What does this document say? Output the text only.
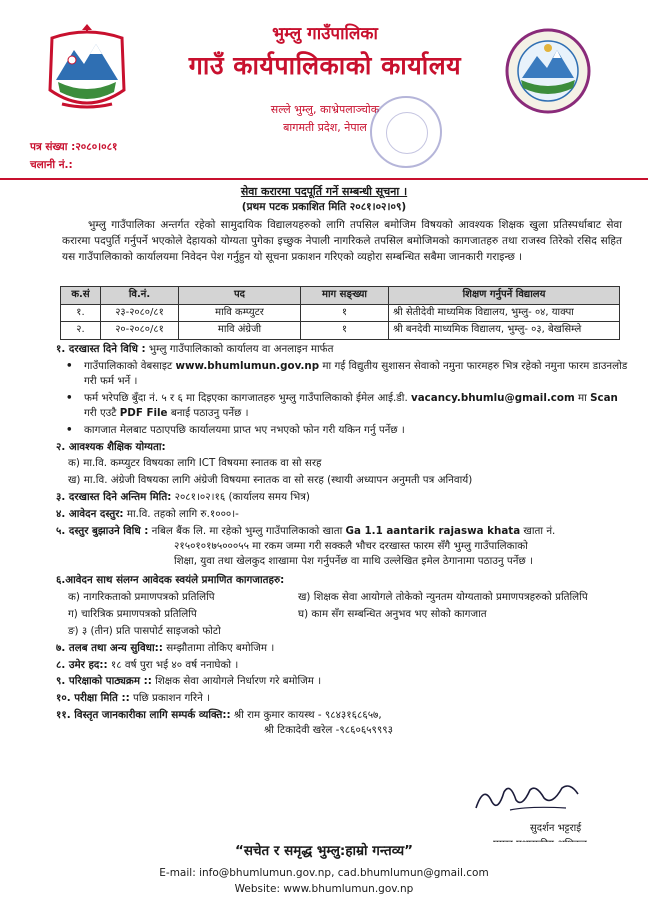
भुम्लु गाउँपालिका
गाउँ कार्यपालिकाको कार्यालय
सल्ले भुम्लु, काभ्रेपलाञ्चोक
बागमती प्रदेश, नेपाल
पत्र संख्या :२०८०।०८१
चलानी नं.:
सेवा करारमा पदपूर्ति गर्ने सम्बन्धी सूचना ।
(प्रथम पटक प्रकाशित मिति २०८१।०२।०९)
भुम्लु गाउँपालिका अन्तर्गत रहेको सामुदायिक विद्यालयहरुको लागि तपसिल बमोजिम विषयको आवश्यक शिक्षक खुला प्रतिस्पर्धाबाट सेवा करारमा पदपुर्ति गर्नुपर्ने भएकोले देहायको योग्यता पुगेका इच्छुक नेपाली नागरिकले तपसिल बमोजिमको कागजातहरु तथा राजस्व तिरेको रसिद सहित यस गाउँपालिकाको कार्यालयमा निवेदन पेश गर्नुहुन यो सूचना प्रकाशन गरिएको व्यहोरा सम्बन्धित सबैमा जानकारी गराइन्छ ।
क.सं	वि.नं.	पद	माग सङ्ख्या	शिक्षण गर्नुपर्ने विद्यालय
१.	२३-२०८०/८१	मावि कम्प्युटर	१	श्री सेतीदेवी माध्यमिक विद्यालय, भुम्लु- ०४, याक्पा
२.	२०-२०८०/८१	मावि अंग्रेजी	१	श्री बनदेवी माध्यमिक विद्यालय, भुम्लु- ०३, बेखसिम्ले
१. दरखास्त दिने विधि : भुम्लु गाउँपालिकाको कार्यालय वा अनलाइन मार्फत
•	गाउँपालिकाको वेबसाइट www.bhumlumun.gov.np मा गई विद्युतीय सुशासन सेवाको नमुना फारमहरु भित्र रहेको नमुना फारम डाउनलोड गरी फर्म भर्ने ।
•	फर्म भरेपछि बुँदा नं. ५ र ६ मा दिइएका कागजातहरु भुम्लु गाउँपालिकाको ईमेल आई.डी. vacancy.bhumlu@gmail.com मा Scan गरी एउटै PDF File बनाई पठाउनु पर्नेछ ।
•	कागजात मेलबाट पठाएपछि कार्यालयमा प्राप्त भए नभएको फोन गरी यकिन गर्नु पर्नेछ ।
२. आवश्यक शैक्षिक योग्यता:
क) मा.वि. कम्प्युटर विषयका लागि ICT विषयमा स्नातक वा सो सरह
ख) मा.वि. अंग्रेजी विषयका लागि अंग्रेजी विषयमा स्नातक वा सो सरह (स्थायी अध्यापन अनुमती पत्र अनिवार्य)
३. दरखास्त दिने अन्तिम मिति: २०८१।०२।१६ (कार्यालय समय भित्र)
४. आवेदन दस्तुर: मा.वि. तहको लागि रु.१०००।-
५. दस्तुर बुझाउने विधि : नबिल बैंक लि. मा रहेको भुम्लु गाउँपालिकाको खाता Ga 1.1 aantarik rajaswa khata खाता नं.
२१५०१०१७५०००५५ मा रकम जम्मा गरी सक्कलै भौचर दरखास्त फारम सँगै भुम्लु गाउँपालिकाको
शिक्षा, युवा तथा खेलकुद शाखामा पेश गर्नुपर्नेछ वा माथि उल्लेखित इमेल ठेगानामा पठाउनु पर्नेछ ।
६.आवेदन साथ संलग्न आवेदक स्वयंले प्रमाणित कागजातहरु:
क) नागरिकताको प्रमाणपत्रको प्रतिलिपि	ख) शिक्षक सेवा आयोगले तोकेको न्युनतम योग्यताको प्रमाणपत्रहरुको प्रतिलिपि
ग) चारित्रिक प्रमाणपत्रको प्रतिलिपि	घ) काम सँग सम्बन्धित अनुभव भए सोको कागजात
ङ) ३ (तीन) प्रति पासपोर्ट साइजको फोटो
७. तलब तथा अन्य सुविधा:: सम्झौतामा तोकिए बमोजिम ।
८. उमेर हद:: १८ वर्ष पुरा भई ४० वर्ष ननाघेको ।
९. परिक्षाको पाठ्यक्रम :: शिक्षक सेवा आयोगले निर्धारण गरे बमोजिम ।
१०. परीक्षा मिति :: पछि प्रकाशन गरिने ।
११. विस्तृत जानकारीका लागि सम्पर्क व्यक्ति:: श्री राम कुमार कायस्थ - ९८४३१६८६५७,
श्री टिकादेवी खरेल -९८६०६५९९९३
सुदर्शन भट्टराई
“सचेत र समृद्ध भुम्लु:हाम्रो गन्तव्य”
E-mail: info@bhumlumun.gov.np, cad.bhumlumun@gmail.com
Website: www.bhumlumun.gov.np
